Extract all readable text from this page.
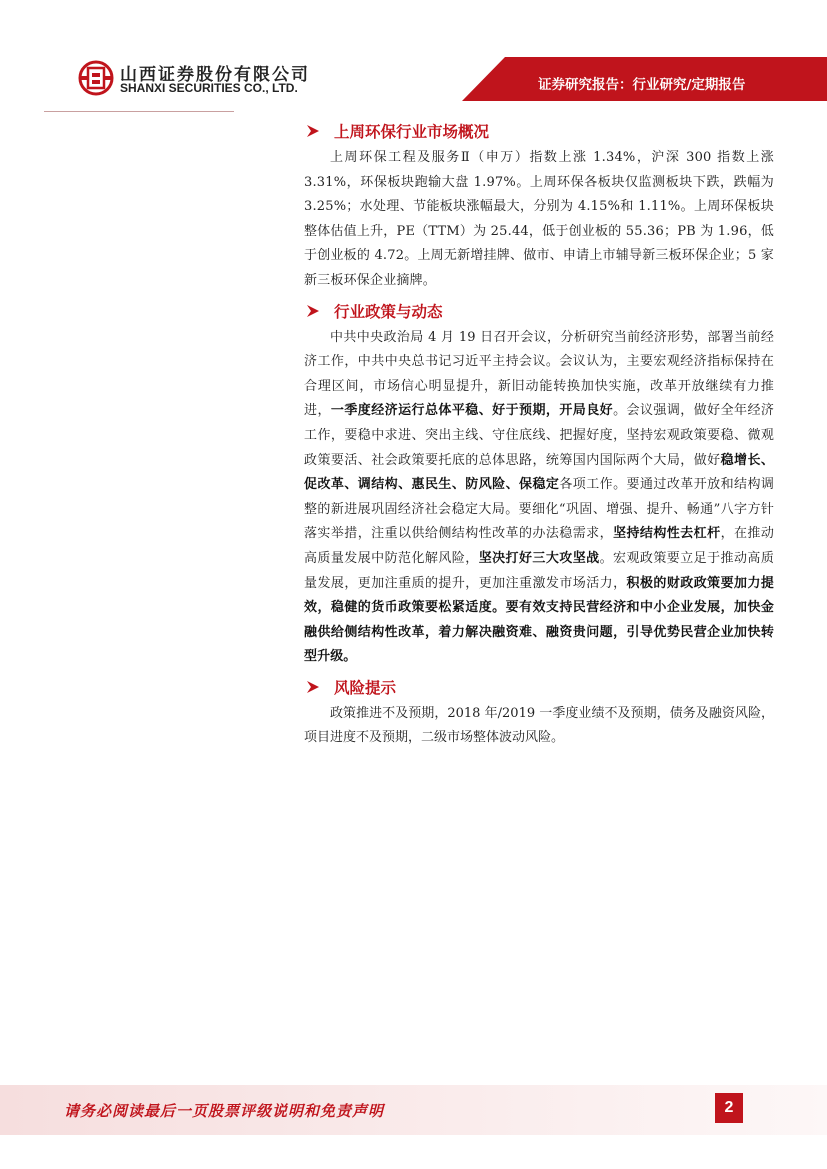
山西证券股份有限公司
SHANXI SECURITIES CO., LTD.	证券研究报告：行业研究/定期报告
上周环保行业市场概况

上周环保工程及服务Ⅱ（申万）指数上涨 1.34%，沪深 300 指数上涨 3.31%，环保板块跑输大盘 1.97%。上周环保各板块仅监测板块下跌，跌幅为 3.25%；水处理、节能板块涨幅最大，分别为 4.15%和 1.11%。上周环保板块整体估值上升，PE（TTM）为 25.44，低于创业板的 55.36；PB 为 1.96，低于创业板的 4.72。上周无新增挂牌、做市、申请上市辅导新三板环保企业；5 家新三板环保企业摘牌。

行业政策与动态

中共中央政治局 4 月 19 日召开会议，分析研究当前经济形势，部署当前经济工作，中共中央总书记习近平主持会议。会议认为，主要宏观经济指标保持在合理区间，市场信心明显提升，新旧动能转换加快实施，改革开放继续有力推进，一季度经济运行总体平稳、好于预期，开局良好。会议强调，做好全年经济工作，要稳中求进、突出主线、守住底线、把握好度，坚持宏观政策要稳、微观政策要活、社会政策要托底的总体思路，统筹国内国际两个大局，做好稳增长、促改革、调结构、惠民生、防风险、保稳定各项工作。要通过改革开放和结构调整的新进展巩固经济社会稳定大局。要细化“巩固、增强、提升、畅通”八字方针落实举措，注重以供给侧结构性改革的办法稳需求，坚持结构性去杠杆，在推动高质量发展中防范化解风险，坚决打好三大攻坚战。宏观政策要立足于推动高质量发展，更加注重质的提升，更加注重激发市场活力，积极的财政政策要加力提效，稳健的货币政策要松紧适度。要有效支持民营经济和中小企业发展，加快金融供给侧结构性改革，着力解决融资难、融资贵问题，引导优势民营企业加快转型升级。

风险提示

政策推进不及预期，2018 年/2019 一季度业绩不及预期，债务及融资风险，项目进度不及预期，二级市场整体波动风险。

请务必阅读最后一页股票评级说明和免责声明	2
